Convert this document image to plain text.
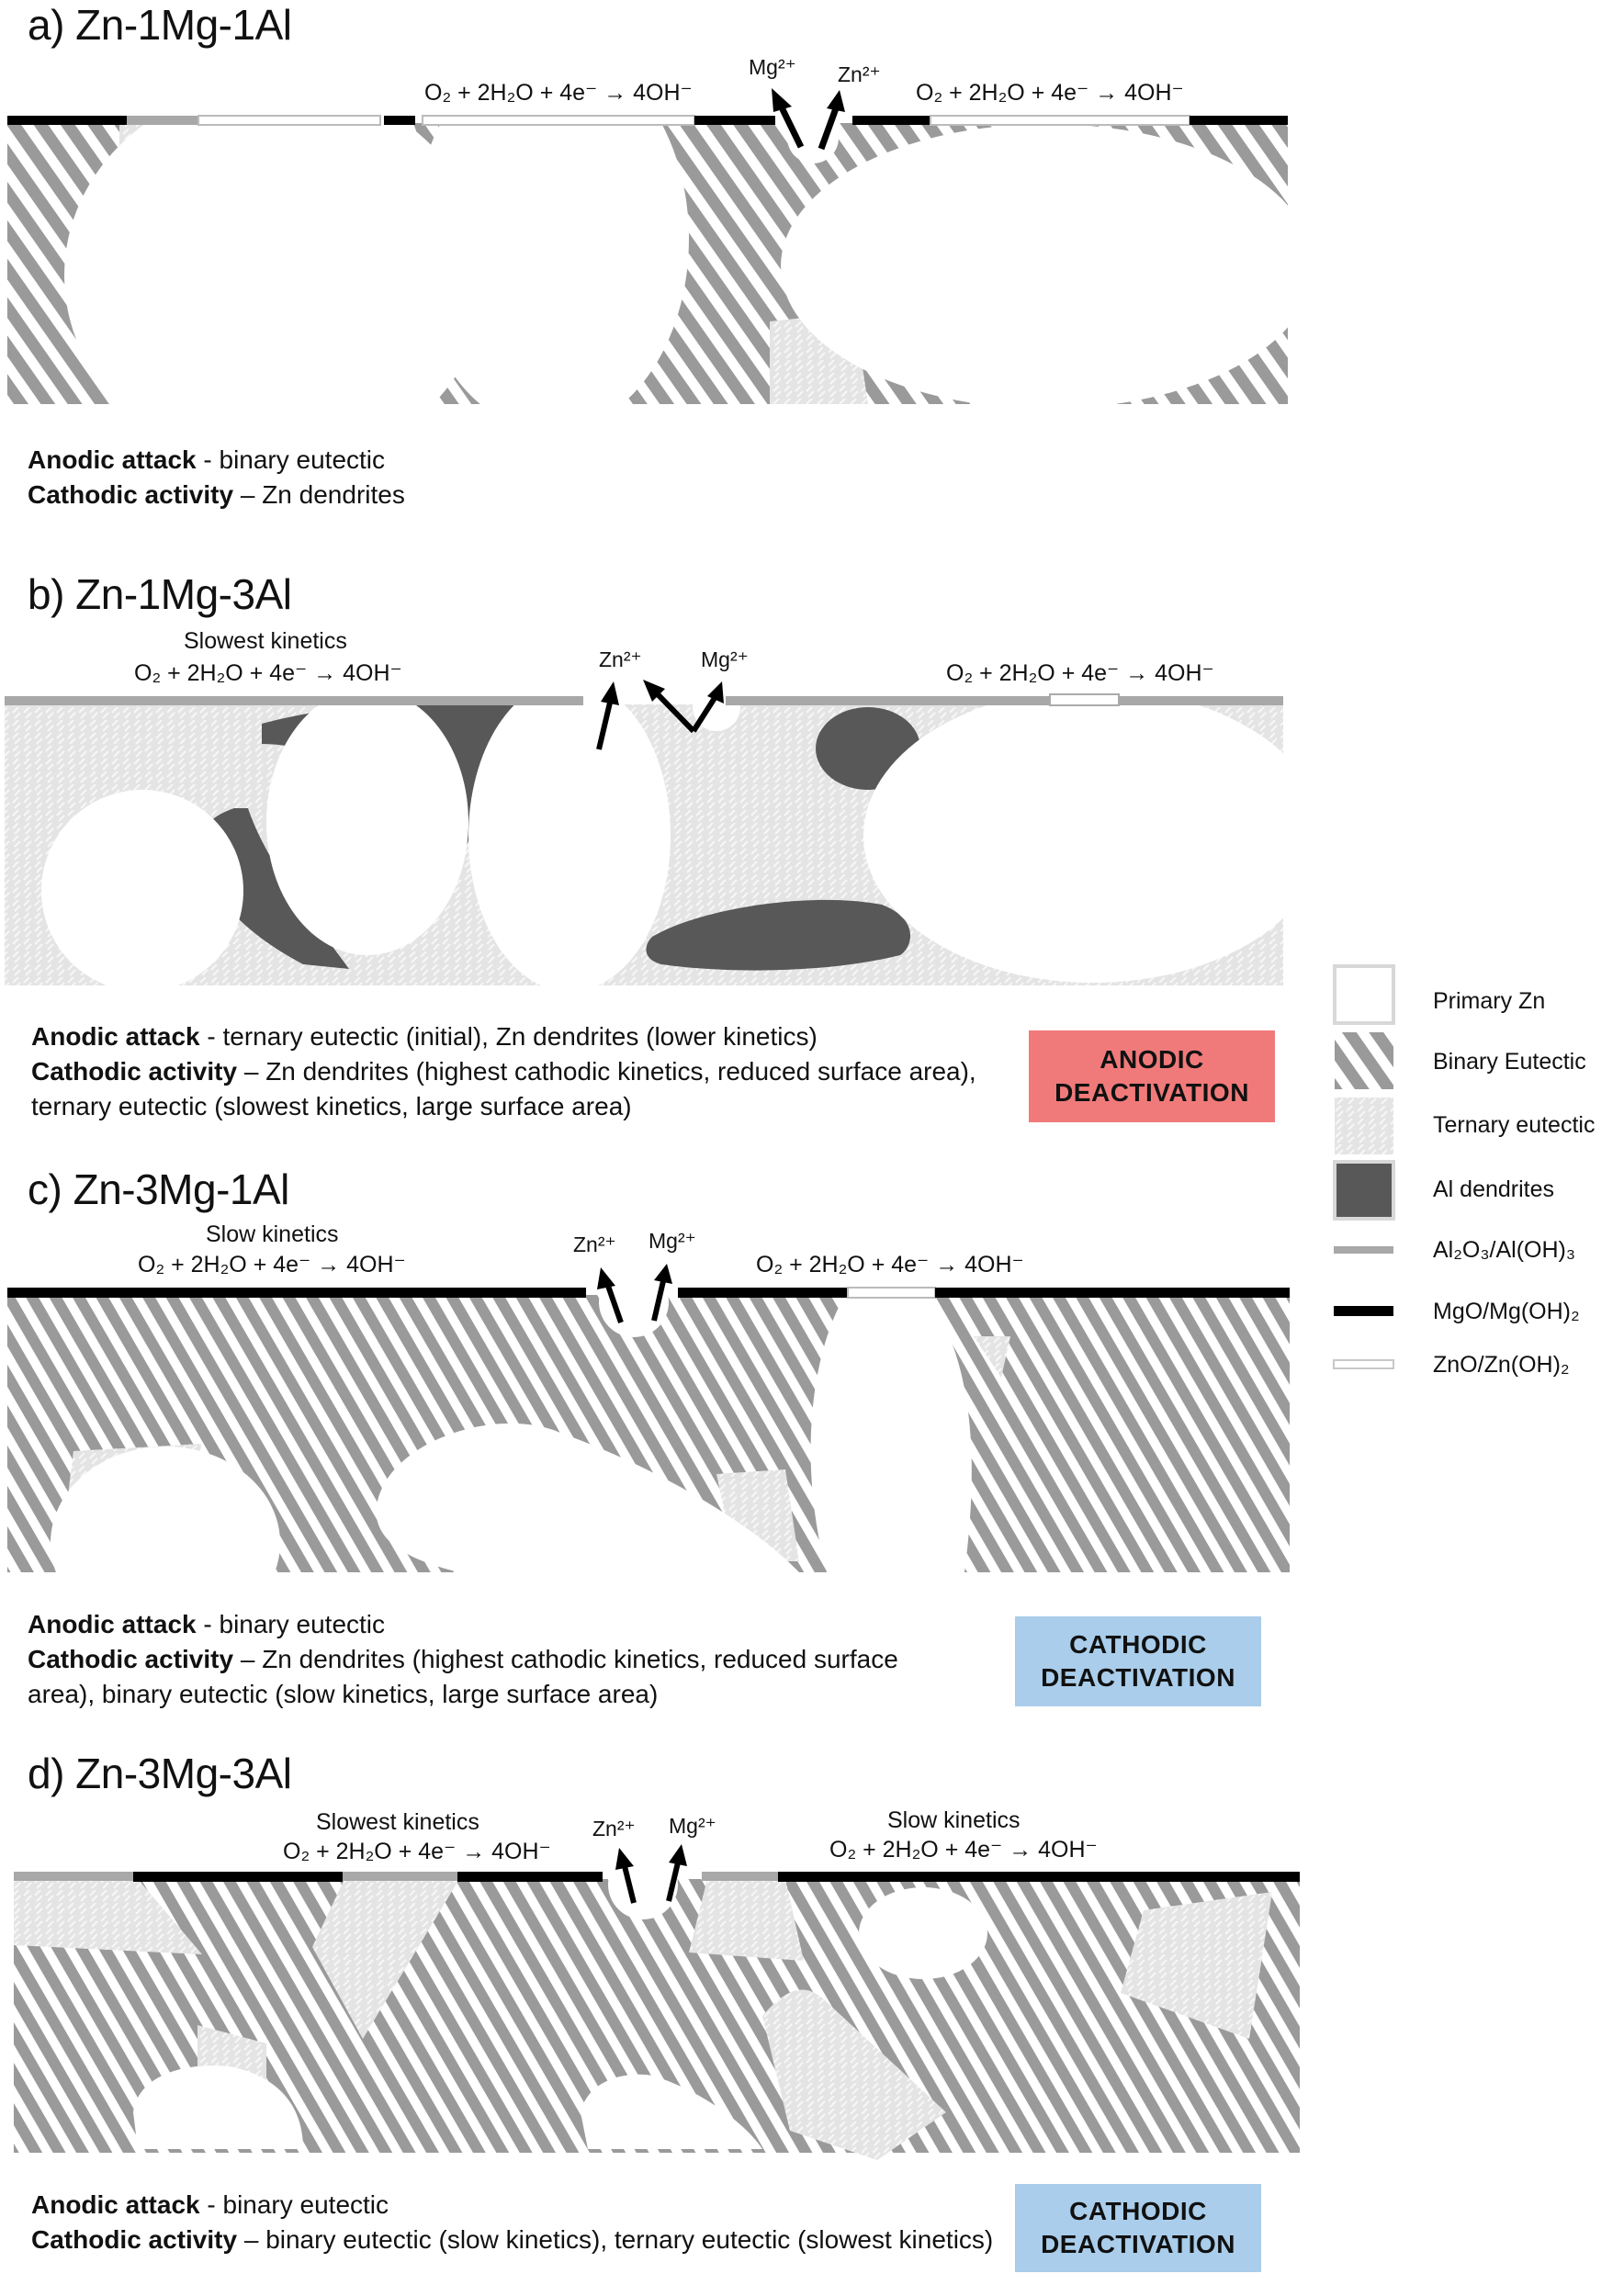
a) Zn-1Mg-1Al
O₂ + 2H₂O + 4e⁻ → 4OH⁻	O₂ + 2H₂O + 4e⁻ → 4OH⁻
Mg²⁺ Zn²⁺
Anodic attack - binary eutectic
Cathodic activity – Zn dendrites
b) Zn-1Mg-3Al
Slowest kinetics
O₂ + 2H₂O + 4e⁻ → 4OH⁻	O₂ + 2H₂O + 4e⁻ → 4OH⁻
Zn²⁺	Mg²⁺
Anodic attack - ternary eutectic (initial), Zn dendrites (lower kinetics)
Cathodic activity – Zn dendrites (highest cathodic kinetics, reduced surface area), ternary eutectic (slowest kinetics, large surface area)
ANODIC
DEACTIVATION
c) Zn-3Mg-1Al
Slow kinetics
O₂ + 2H₂O + 4e⁻ → 4OH⁻	O₂ + 2H₂O + 4e⁻ → 4OH⁻
Zn²⁺ Mg²⁺
Anodic attack - binary eutectic
Cathodic activity – Zn dendrites (highest cathodic kinetics, reduced surface area), binary eutectic (slow kinetics, large surface area)
CATHODIC
DEACTIVATION
d) Zn-3Mg-3Al
Slowest kinetics	Slow kinetics
O₂ + 2H₂O + 4e⁻ → 4OH⁻	O₂ + 2H₂O + 4e⁻ → 4OH⁻
Zn²⁺ Mg²⁺
Anodic attack - binary eutectic
Cathodic activity – binary eutectic (slow kinetics), ternary eutectic (slowest kinetics)
CATHODIC
DEACTIVATION
Primary Zn
Binary Eutectic
Ternary eutectic
Al dendrites
Al₂O₃/Al(OH)₃
MgO/Mg(OH)₂
ZnO/Zn(OH)₂
